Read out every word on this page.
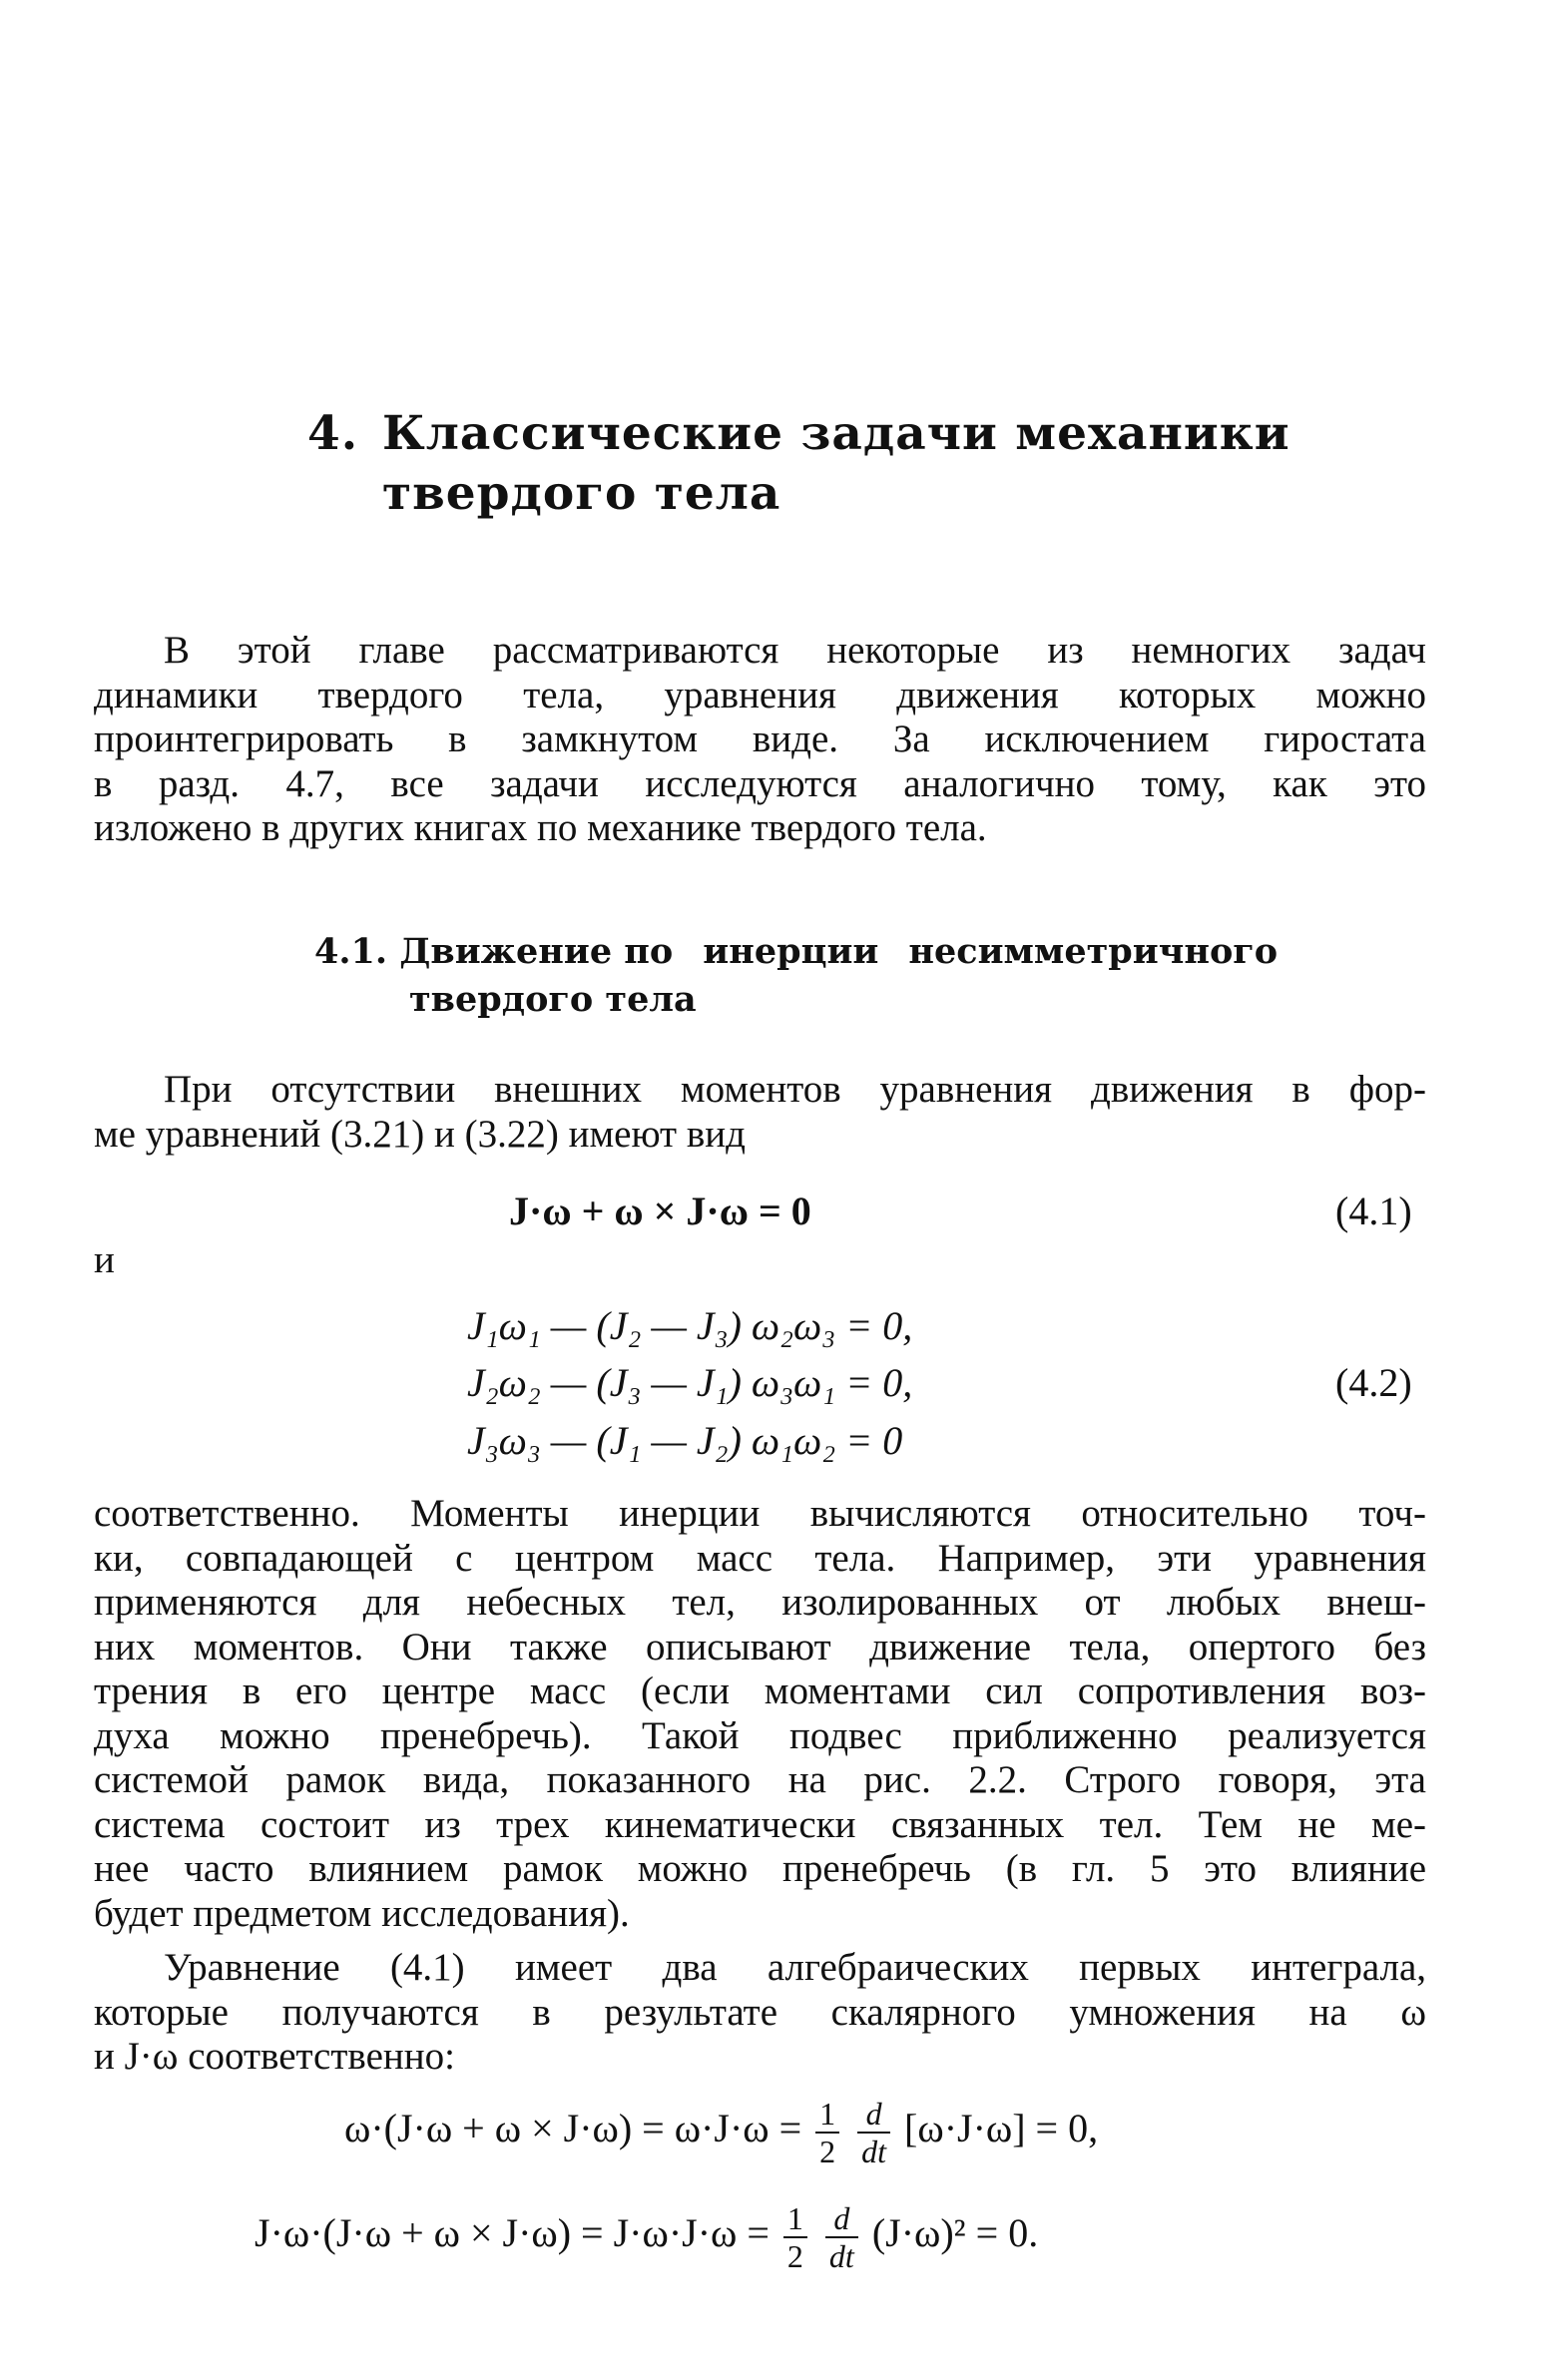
4. Классические задачи механики
твердого тела
В этой главе рассматриваются некоторые из немногих задач
динамики твердого тела, уравнения движения которых можно
проинтегрировать в замкнутом виде. За исключением гиростата
в разд. 4.7, все задачи исследуются аналогично тому, как это
изложено в других книгах по механике твердого тела.
4.1. Движение по инерции несимметричного
твердого тела
При отсутствии внешних моментов уравнения движения в фор-
ме уравнений (3.21) и (3.22) имеют вид
J·ω + ω × J·ω = 0	(4.1)
и
J₁ω₁ — (J₂ — J₃) ω₂ω₃ = 0,
J₂ω₂ — (J₃ — J₁) ω₃ω₁ = 0,
J₃ω₃ — (J₁ — J₂) ω₁ω₂ = 0
(4.2)
соответственно. Моменты инерции вычисляются относительно точ-
ки, совпадающей с центром масс тела. Например, эти уравнения
применяются для небесных тел, изолированных от любых внеш-
них моментов. Они также описывают движение тела, опертого без
трения в его центре масс (если моментами сил сопротивления воз-
духа можно пренебречь). Такой подвес приближенно реализуется
системой рамок вида, показанного на рис. 2.2. Строго говоря, эта
система состоит из трех кинематически связанных тел. Тем не ме-
нее часто влиянием рамок можно пренебречь (в гл. 5 это влияние
будет предметом исследования).
Уравнение (4.1) имеет два алгебраических первых интеграла,
которые получаются в результате скалярного умножения на ω
и J·ω соответственно:
$\omega\cdot(J\cdot\omega + \omega \times J\cdot\omega) = \omega\cdot J\cdot\omega = \frac{1}{2}$
$\frac{d}{dt} [\omega\cdot J\cdot\omega] = 0$,
$J\cdot\omega\cdot(J\cdot\omega + \omega \times J\cdot\omega) = J\cdot\omega\cdot J\cdot\omega = \frac{1}{2}$
$\frac{d}{dt} (J\cdot\omega)^2 = 0$.
